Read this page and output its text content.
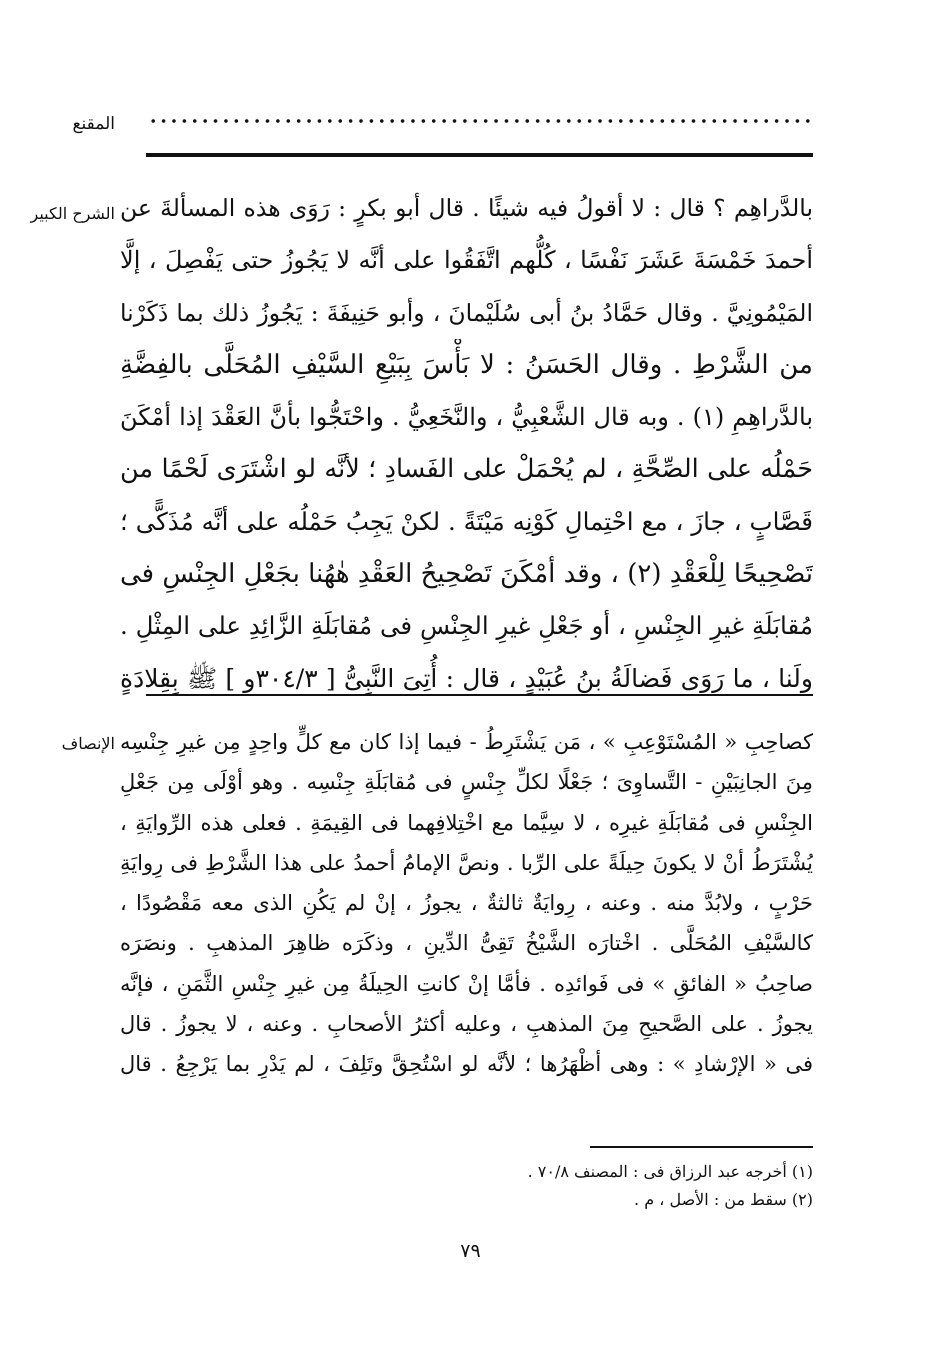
المقنع
الشرح الكبير بالدَّراهِم ؟ قال : لا أقولُ فيه شيئًا . قال أبو بكرٍ : رَوَى هذه المسألةَ عن
أحمدَ خَمْسَةَ عَشَرَ نَفْسًا ، كُلُّهم اتَّفَقُوا على أنَّه لا يَجُوزُ حتى يَفْصِلَ ، إلَّا
المَيْمُونِيَّ . وقال حَمَّادُ بنُ أبى سُلَيْمانَ ، وأبو حَنِيفَةَ : يَجُوزُ ذلك بما ذَكَرْنا
من الشَّرْطِ . وقال الحَسَنُ : لا بَأْسَ بِبَيْعِ السَّيْفِ المُحَلَّى بالفِضَّةِ
بالدَّراهِمِ (١) . وبه قال الشَّعْبِيُّ ، والنَّخَعِيُّ . واحْتَجُّوا بأنَّ العَقْدَ إذا أمْكَنَ
حَمْلُه على الصِّحَّةِ ، لم يُحْمَلْ على الفَسادِ ؛ لأنَّه لو اشْتَرَى لَحْمًا من
قَصَّابٍ ، جازَ ، مع احْتِمالِ كَوْنِه مَيْتَةً . لكنْ يَجِبُ حَمْلُه على أنَّه مُذَكًّى ؛
تَصْحِيحًا لِلْعَقْدِ (٢) ، وقد أمْكَنَ تَصْحِيحُ العَقْدِ هٰهُنا بجَعْلِ الجِنْسِ فى
مُقابَلَةِ غيرِ الجِنْسِ ، أو جَعْلِ غيرِ الجِنْسِ فى مُقابَلَةِ الزَّائِدِ على المِثْلِ .
ولَنا ، ما رَوَى فَضالَةُ بنُ عُبَيْدٍ ، قال : أُتِىَ النَّبِىُّ [ ٣٠٤/٣و ] ﷺ بِقِلادَةٍ
الإنصاف كصاحِبِ « المُسْتَوْعِبِ » ، مَن يَشْتَرِطُ - فيما إذا كان مع كلٍّ واحِدٍ مِن غيرِ جِنْسِه
مِنَ الجانِبَيْنِ - التَّساوِىَ ؛ جَعْلًا لكلِّ جِنْسٍ فى مُقابَلَةِ جِنْسِه . وهو أوْلَى مِن جَعْلِ
الجِنْسِ فى مُقابَلَةِ غيرِه ، لا سِيَّما مع اخْتِلافِهما فى القِيمَةِ . فعلى هذه الرِّوايَةِ ،
يُشْتَرَطُ أنْ لا يكونَ حِيلَةً على الرِّبا . ونصَّ الإمامُ أحمدُ على هذا الشَّرْطِ فى رِوايَةِ
حَرْبٍ ، ولابُدَّ منه . وعنه ، رِوايَةٌ ثالثةٌ ، يجوزُ ، إنْ لم يَكُنِ الذى معه مَقْصُودًا ،
كالسَّيْفِ المُحَلَّى . اخْتارَه الشَّيْخُ تَقِىُّ الدِّينِ ، وذكَرَه ظاهِرَ المذهبِ . ونصَرَه
صاحِبُ « الفائقِ » فى فَوائدِه . فأمَّا إنْ كانتِ الحِيلَةُ مِن غيرِ جِنْسِ الثَّمَنِ ، فإنَّه
يجوزُ . على الصَّحيحِ مِنَ المذهبِ ، وعليه أكثرُ الأصحابِ . وعنه ، لا يجوزُ . قال
فى « الإرْشادِ » : وهى أظْهَرُها ؛ لأنَّه لو اسْتُحِقَّ وتَلِفَ ، لم يَدْرِ بما يَرْجِعُ . قال
(١) أخرجه عبد الرزاق فى : المصنف ٧٠/٨ .
(٢) سقط من : الأصل ، م .
٧٩
